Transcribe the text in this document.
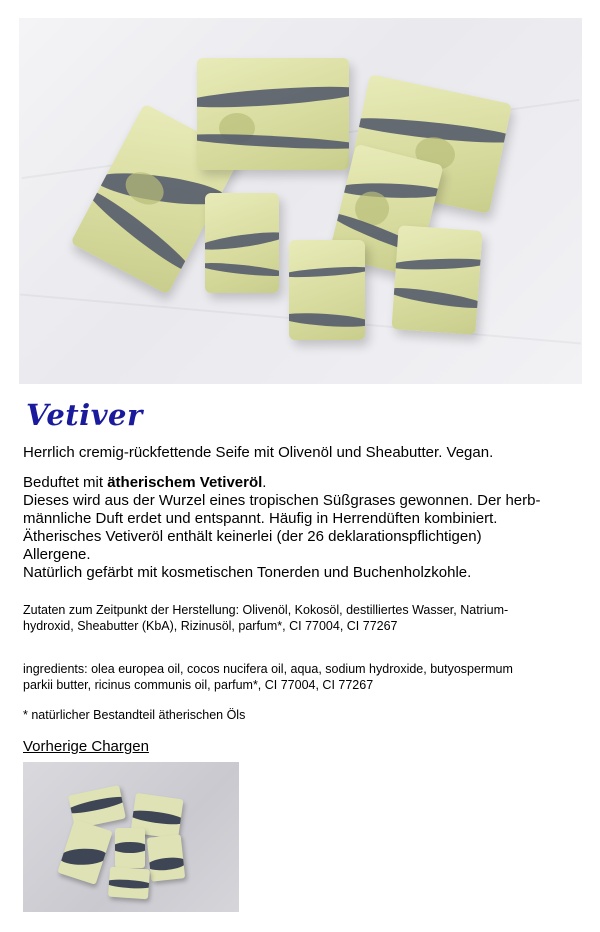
Vetiver

Herrlich cremig-rückfettende Seife mit Olivenöl und Sheabutter. Vegan.

Beduftet mit ätherischem Vetiveröl.
Dieses wird aus der Wurzel eines tropischen Süßgrases gewonnen. Der herb-
männliche Duft erdet und entspannt. Häufig in Herrendüften kombiniert.
Ätherisches Vetiveröl enthält keinerlei (der 26 deklarationspflichtigen)
Allergene.
Natürlich gefärbt mit kosmetischen Tonerden und Buchenholzkohle.
Zutaten zum Zeitpunkt der Herstellung: Olivenöl, Kokosöl, destilliertes Wasser, Natrium-
hydroxid, Sheabutter (KbA), Rizinusöl, parfum*, CI 77004, CI 77267
ingredients: olea europea oil, cocos nucifera oil, aqua, sodium hydroxide, butyospermum
parkii butter, ricinus communis oil, parfum*, CI 77004, CI 77267

* natürlicher Bestandteil ätherischen Öls

Vorherige Chargen
